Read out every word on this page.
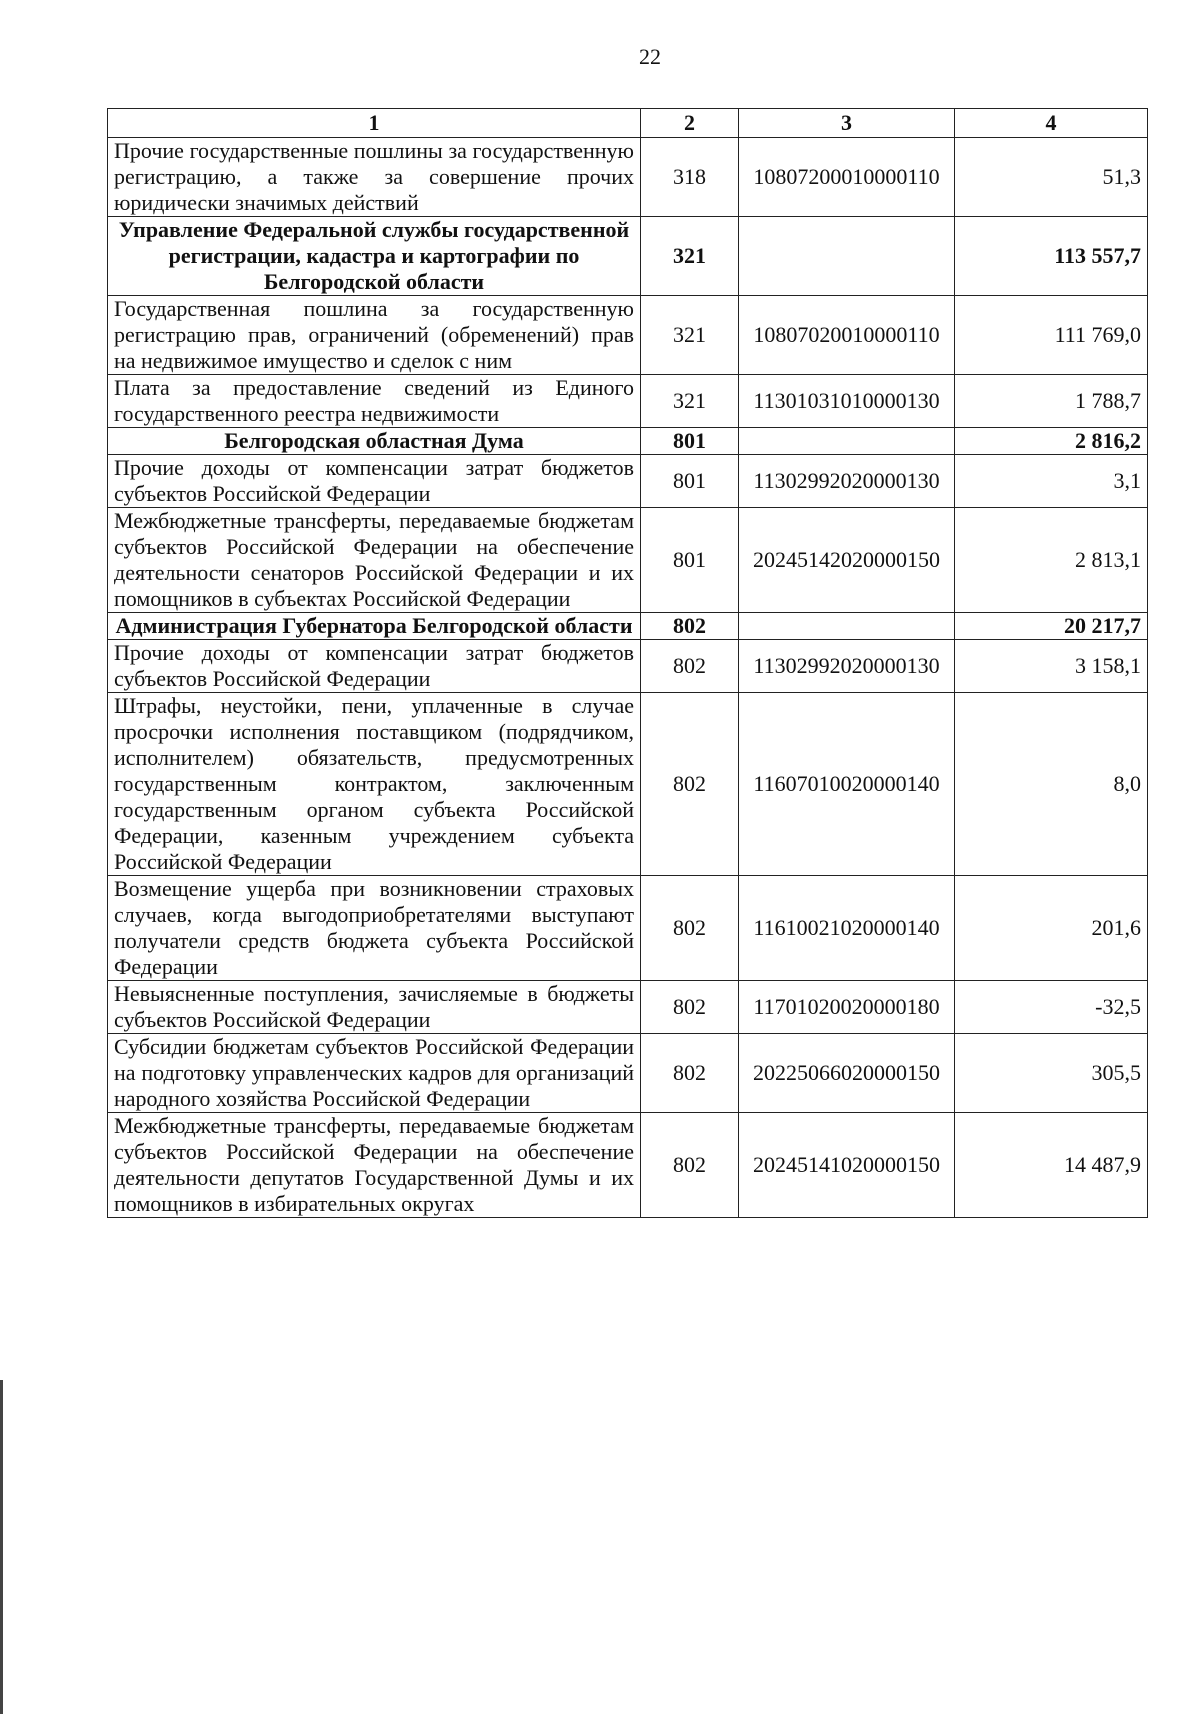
22
1	2	3	4
Прочие государственные пошлины за государственную регистрацию, а также за совершение прочих юридически значимых действий	318	10807200010000110	51,3
Управление Федеральной службы государственной регистрации, кадастра и картографии по Белгородской области	321		113 557,7
Государственная пошлина за государственную регистрацию прав, ограничений (обременений) прав на недвижимое имущество и сделок с ним	321	10807020010000110	111 769,0
Плата за предоставление сведений из Единого государственного реестра недвижимости	321	11301031010000130	1 788,7
Белгородская областная Дума	801		2 816,2
Прочие доходы от компенсации затрат бюджетов субъектов Российской Федерации	801	11302992020000130	3,1
Межбюджетные трансферты, передаваемые бюджетам субъектов Российской Федерации на обеспечение деятельности сенаторов Российской Федерации и их помощников в субъектах Российской Федерации	801	20245142020000150	2 813,1
Администрация Губернатора Белгородской области	802		20 217,7
Прочие доходы от компенсации затрат бюджетов субъектов Российской Федерации	802	11302992020000130	3 158,1
Штрафы, неустойки, пени, уплаченные в случае просрочки исполнения поставщиком (подрядчиком, исполнителем) обязательств, предусмотренных государственным контрактом, заключенным государственным органом субъекта Российской Федерации, казенным учреждением субъекта Российской Федерации	802	11607010020000140	8,0
Возмещение ущерба при возникновении страховых случаев, когда выгодоприобретателями выступают получатели средств бюджета субъекта Российской Федерации	802	11610021020000140	201,6
Невыясненные поступления, зачисляемые в бюджеты субъектов Российской Федерации	802	11701020020000180	-32,5
Субсидии бюджетам субъектов Российской Федерации на подготовку управленческих кадров для организаций народного хозяйства Российской Федерации	802	20225066020000150	305,5
Межбюджетные трансферты, передаваемые бюджетам субъектов Российской Федерации на обеспечение деятельности депутатов Государственной Думы и их помощников в избирательных округах	802	20245141020000150	14 487,9
